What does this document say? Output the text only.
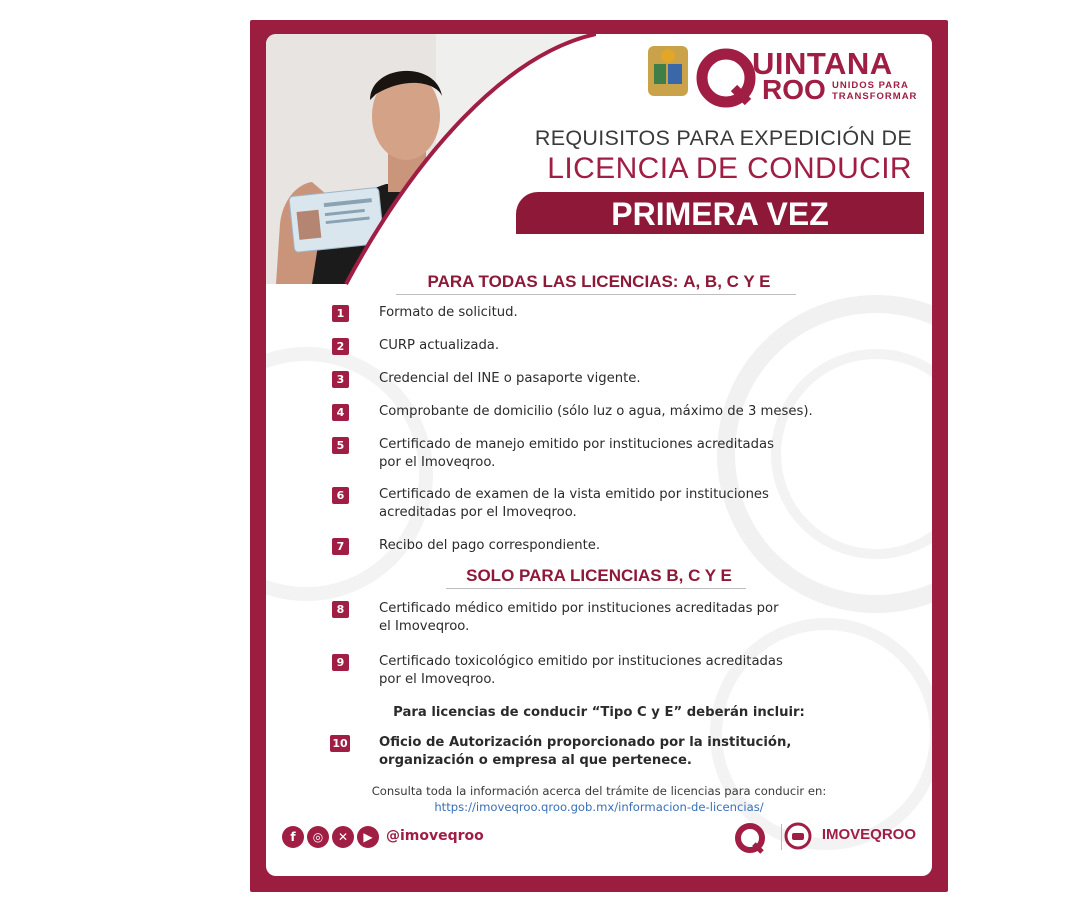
UINTANA
ROO UNIDOS PARA TRANSFORMAR
REQUISITOS PARA EXPEDICIÓN DE
LICENCIA DE CONDUCIR
PRIMERA VEZ
PARA TODAS LAS LICENCIAS: A, B, C Y E
1	Formato de solicitud.
2	CURP actualizada.
3	Credencial del INE o pasaporte vigente.
4	Comprobante de domicilio (sólo luz o agua, máximo de 3 meses).
5	Certificado de manejo emitido por instituciones acreditadas
por el Imoveqroo.
6	Certificado de examen de la vista emitido por instituciones
acreditadas por el Imoveqroo.
7	Recibo del pago correspondiente.
SOLO PARA LICENCIAS B, C Y E
8	Certificado médico emitido por instituciones acreditadas por
el Imoveqroo.
9	Certificado toxicológico emitido por instituciones acreditadas
por el Imoveqroo.
Para licencias de conducir “Tipo C y E” deberán incluir:
10 Oficio de Autorización proporcionado por la institución,
organización o empresa al que pertenece.
Consulta toda la información acerca del trámite de licencias para conducir en:
https://imoveqroo.qroo.gob.mx/informacion-de-licencias/
f	◎	✕	▶ @imoveqroo	IMOVEQROO
